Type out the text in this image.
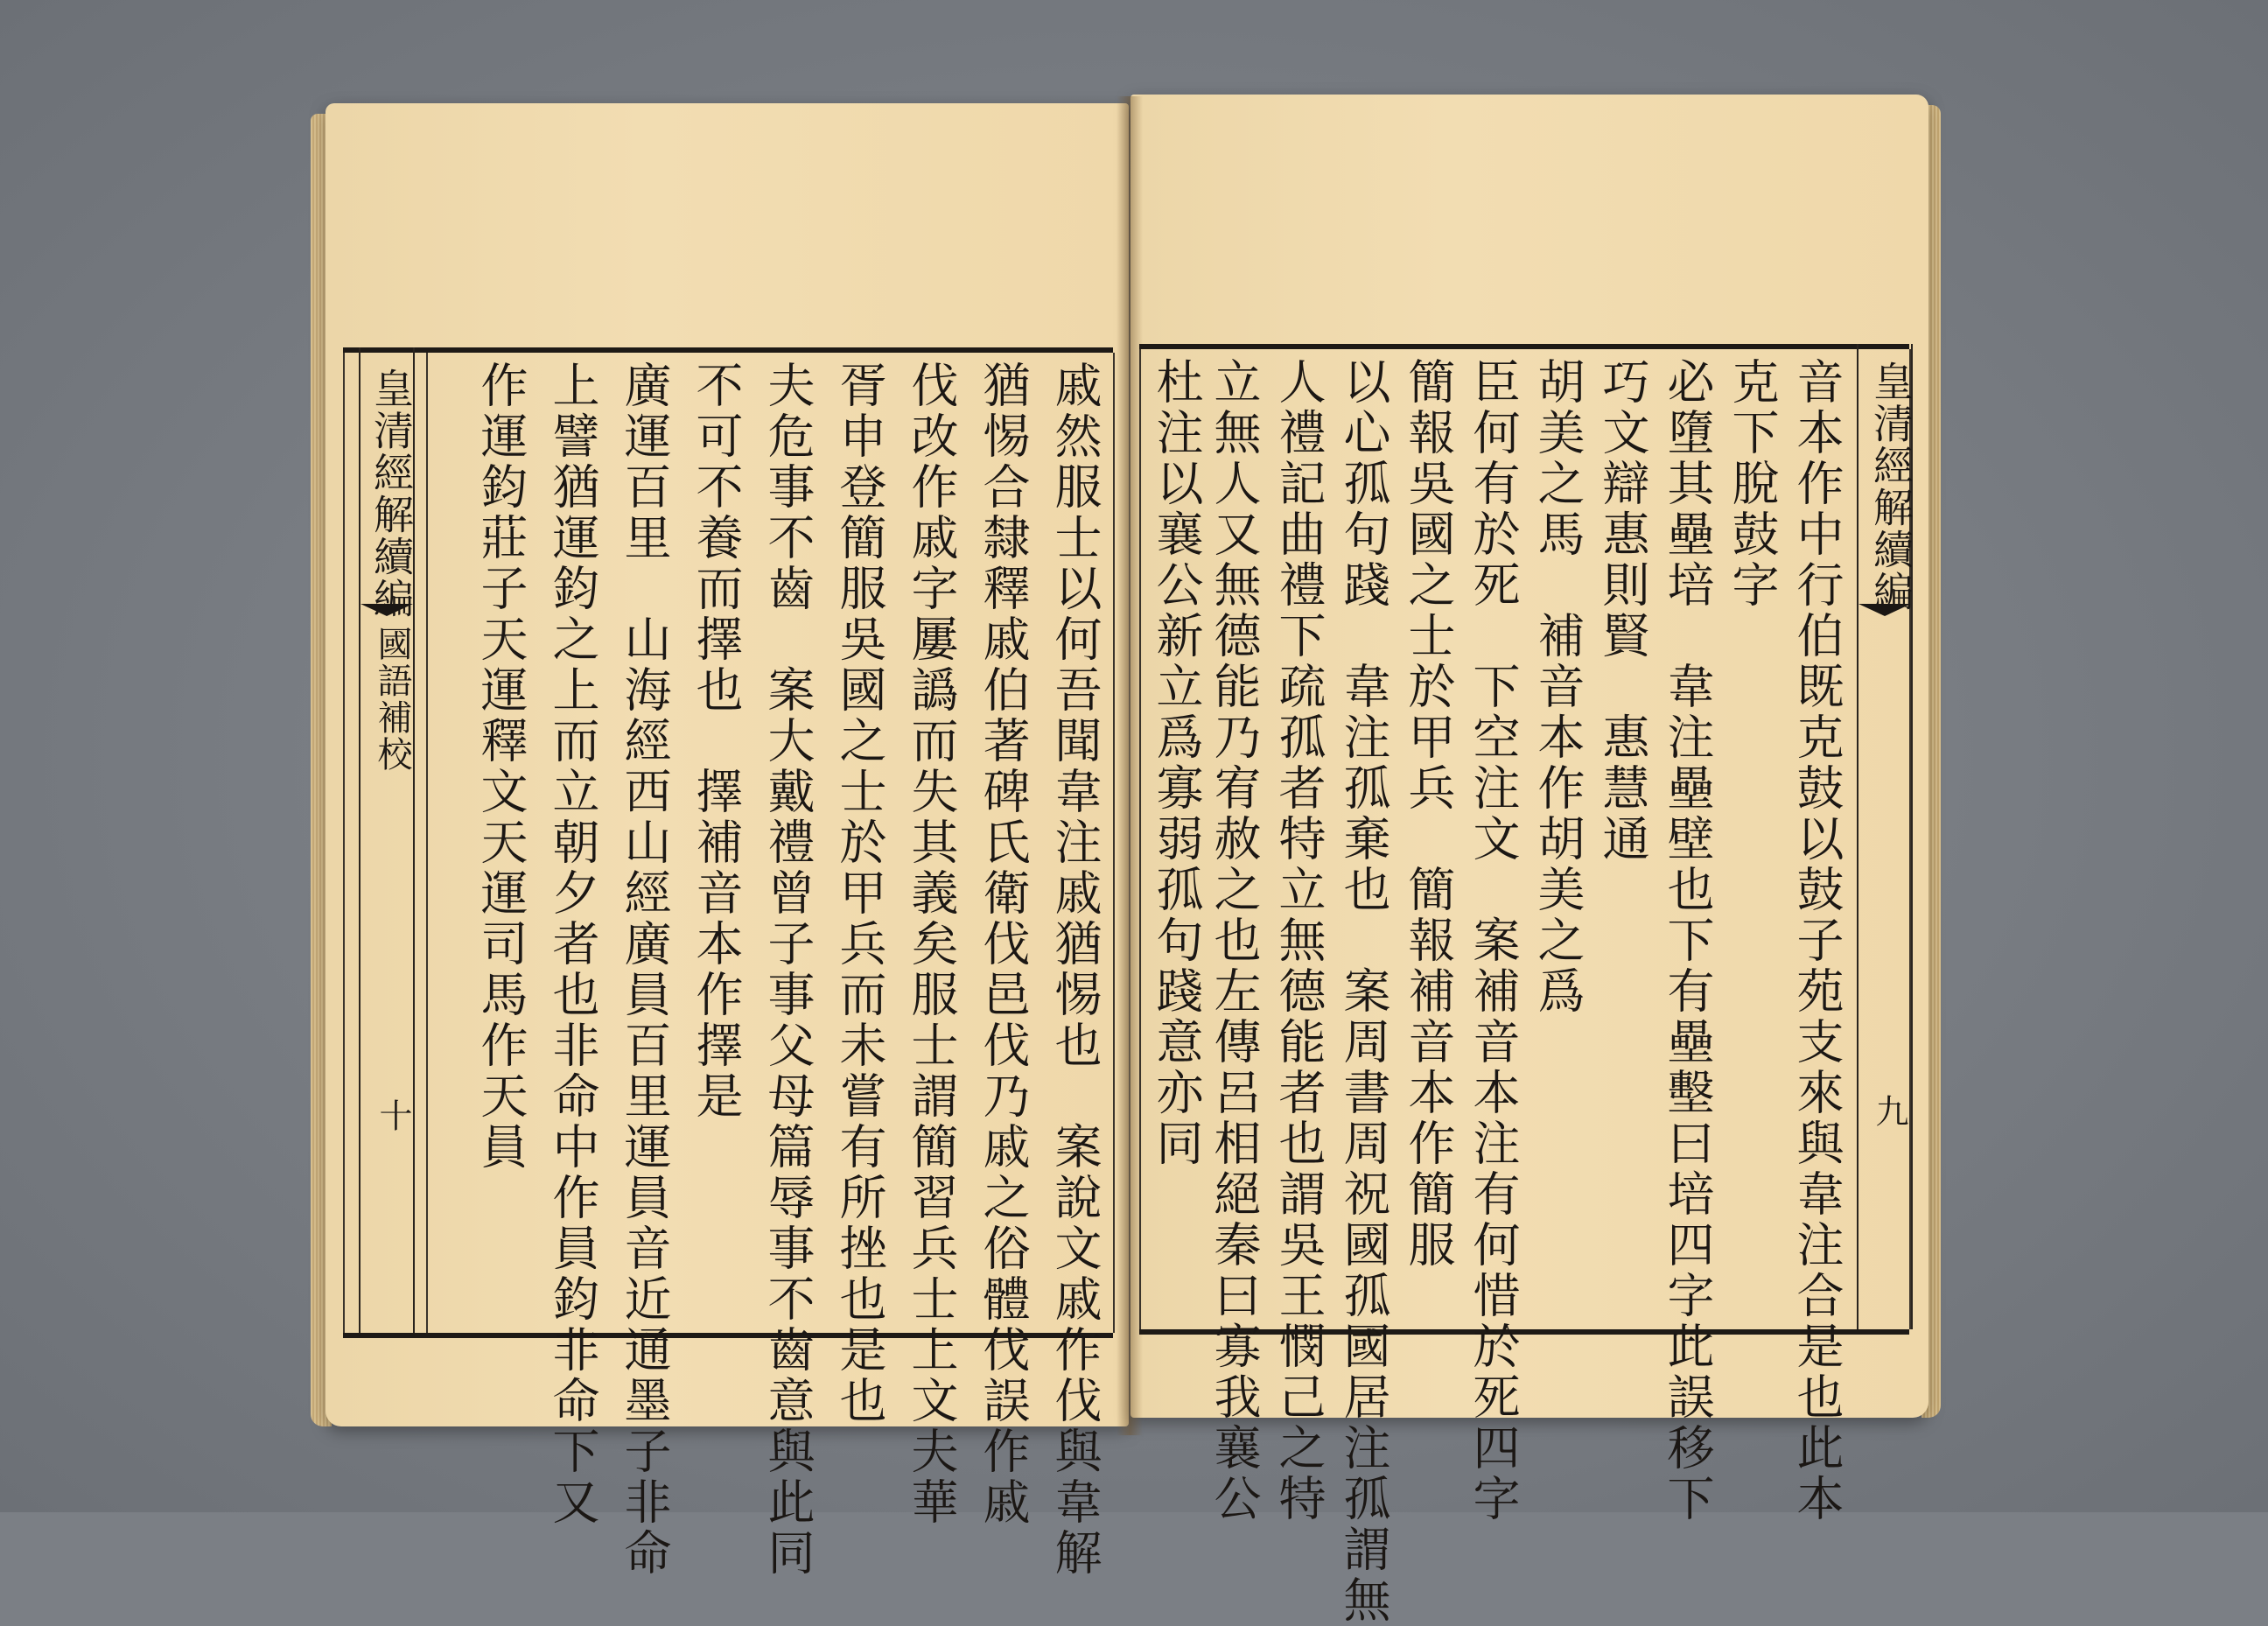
皇清經解續編
國語補校
十	戚然服士以何吾聞韋注戚猶惕也　案說文戚作伐與韋解
猶惕合隸釋戚伯著碑氏衛伐邑伐乃戚之俗體伐誤作戚
伐改作戚字屢譌而失其義矣服士謂簡習兵士上文夫華
胥申登簡服吳國之士於甲兵而未嘗有所挫也是也
夫危事不齒　案大戴禮曾子事父母篇辱事不齒意與此同
不可不養而擇也　擇補音本作擇是
廣運百里　山海經西山經廣員百里運員音近通墨子非命
上譬猶運鈞之上而立朝夕者也非命中作員鈞非命下又
作運鈞莊子天運釋文天運司馬作天員	皇清經解續編
九
音本作中行伯既克鼓以鼓子苑支來與韋注合是也此本
克下脫鼓字
必墮其壘培　韋注壘壁也下有壘墼曰培四字此誤移下
巧文辯惠則賢　惠慧通
胡美之馬　補音本作胡美之爲
臣何有於死　下空注文　案補音本注有何惜於死四字
簡報吳國之士於甲兵　簡報補音本作簡服
以心孤句踐　韋注孤棄也　案周書周祝國孤國居注孤謂無
人禮記曲禮下疏孤者特立無德能者也謂吳王憫己之特
立無人又無德能乃宥赦之也左傳呂相絕秦曰寡我襄公
杜注以襄公新立爲寡弱孤句踐意亦同
